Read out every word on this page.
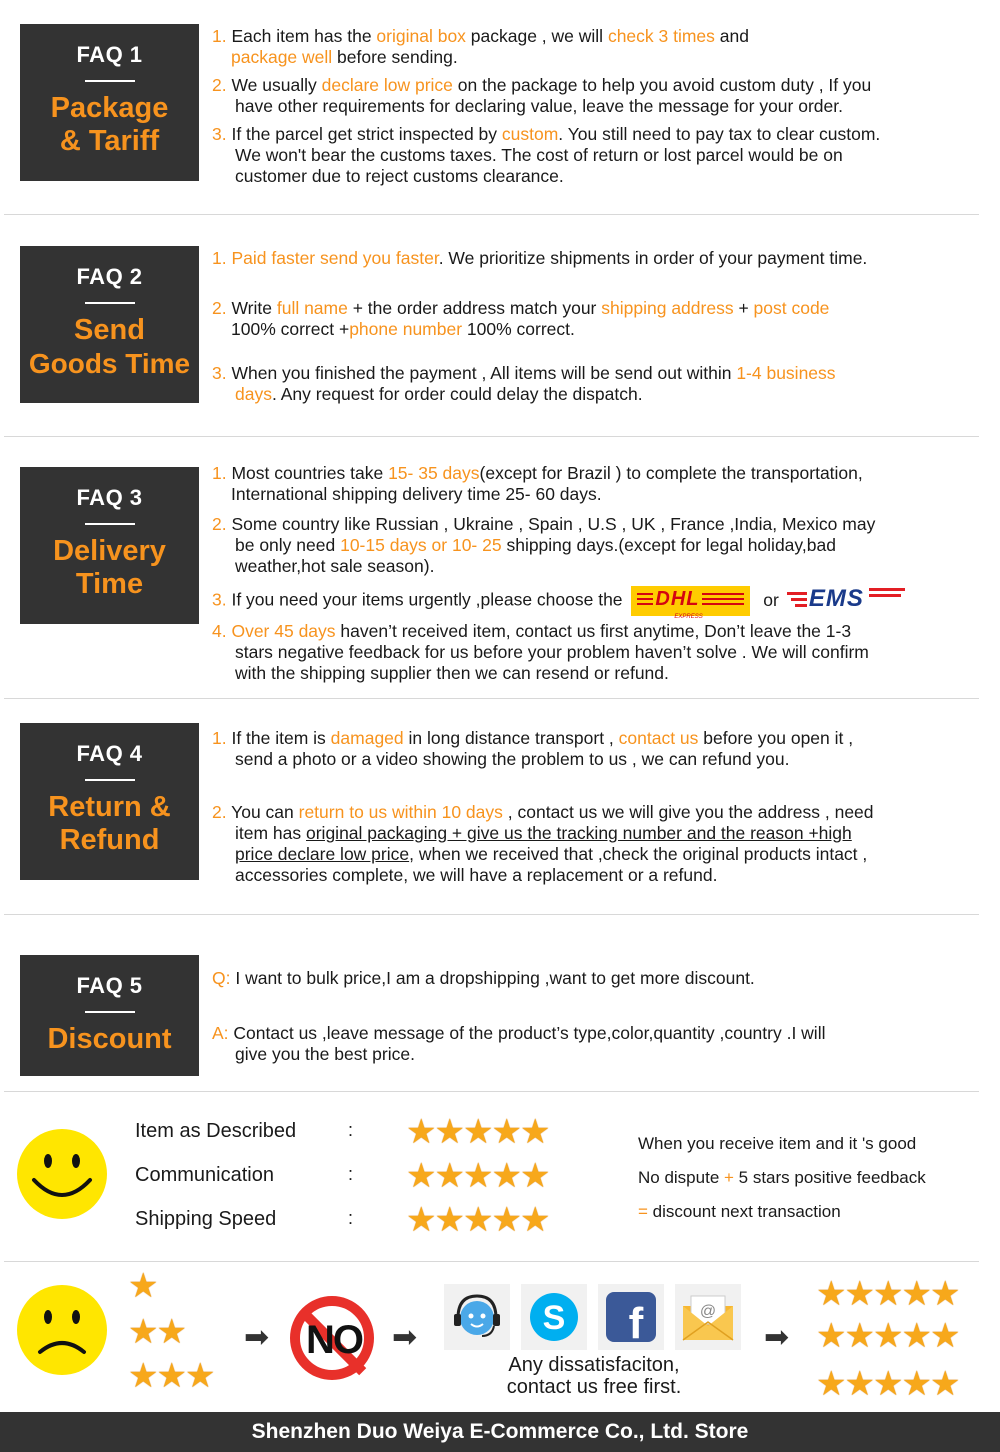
FAQ 1
Package
& Tariff
1. Each item has the original box package , we will check 3 times and
package well before sending.
2. We usually declare low price on the package to help you avoid custom duty , If you
have other requirements for declaring value, leave the message for your order.
3. If the parcel get strict inspected by custom. You still need to pay tax to clear custom.
We won't bear the customs taxes. The cost of return or lost parcel would be on
customer due to reject customs clearance.
FAQ 2
Send
Goods Time
1. Paid faster send you faster. We prioritize shipments in order of your payment time.
2. Write full name + the order address match your shipping address + post code
100% correct +phone number 100% correct.
3. When you finished the payment , All items will be send out within 1-4 business
days. Any request for order could delay the dispatch.
FAQ 3
Delivery
Time
1. Most countries take 15- 35 days(except for Brazil ) to complete the transportation,
International shipping delivery time 25- 60 days.
2. Some country like Russian , Ukraine , Spain , U.S , UK , France ,India, Mexico may
be only need 10-15 days or 10- 25 shipping days.(except for legal holiday,bad
weather,hot sale season).
3. If you need your items urgently ,please choose the DHL
EXPRESS
or EMS
4. Over 45 days haven’t received item, contact us first anytime, Don’t leave the 1-3
stars negative feedback for us before your problem haven’t solve . We will confirm
with the shipping supplier then we can resend or refund.
FAQ 4
Return &
Refund
1. If the item is damaged in long distance transport , contact us before you open it ,
send a photo or a video showing the problem to us , we can refund you.
2. You can return to us within 10 days , contact us we will give you the address , need
item has original packaging + give us the tracking number and the reason +high
price declare low price, when we received that ,check the original products intact ,
accessories complete, we will have a replacement or a refund.
FAQ 5
Discount
Q: I want to bulk price,I am a dropshipping ,want to get more discount.
A: Contact us ,leave message of the product’s type,color,quantity ,country .I will
give you the best price.
Item as Described	: ★★★★★
Communication	: ★★★★★
Shipping Speed	: ★★★★★
When you receive item and it 's good
No dispute + 5 stars positive feedback
= discount next transaction
★
★★
★★★
➡ NO	➡
S f	@
Any dissatisfaciton,
contact us free first.
➡
★★★★★
★★★★★
★★★★★
Shenzhen Duo Weiya E-Commerce Co., Ltd. Store
